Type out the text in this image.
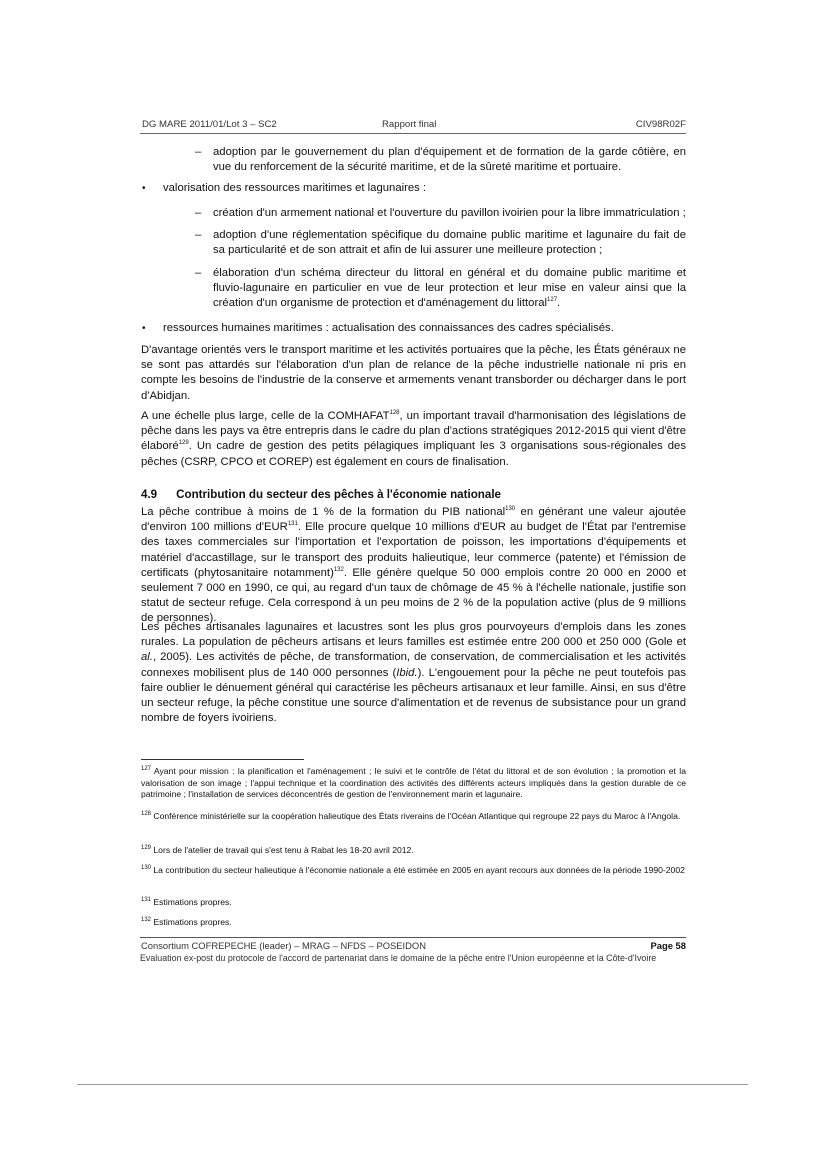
DG MARE 2011/01/Lot 3 – SC2	Rapport final	CIV98R02F
– adoption par le gouvernement du plan d'équipement et de formation de la garde côtière, en vue du renforcement de la sécurité maritime, et de la sûreté maritime et portuaire.
• valorisation des ressources maritimes et lagunaires :
– création d'un armement national et l'ouverture du pavillon ivoirien pour la libre immatriculation ;
– adoption d'une réglementation spécifique du domaine public maritime et lagunaire du fait de sa particularité et de son attrait et afin de lui assurer une meilleure protection ;
– élaboration d'un schéma directeur du littoral en général et du domaine public maritime et fluvio-lagunaire en particulier en vue de leur protection et leur mise en valeur ainsi que la création d'un organisme de protection et d'aménagement du littoral$^{127}$.
• ressources humaines maritimes : actualisation des connaissances des cadres spécialisés.
D'avantage orientés vers le transport maritime et les activités portuaires que la pêche, les États généraux ne se sont pas attardés sur l'élaboration d'un plan de relance de la pêche industrielle nationale ni pris en compte les besoins de l'industrie de la conserve et armements venant transborder ou décharger dans le port d'Abidjan.
A une échelle plus large, celle de la COMHAFAT$^{128}$, un important travail d'harmonisation des législations de pêche dans les pays va être entrepris dans le cadre du plan d'actions stratégiques 2012-2015 qui vient d'être élaboré$^{129}$. Un cadre de gestion des petits pélagiques impliquant les 3 organisations sous-régionales des pêches (CSRP, CPCO et COREP) est également en cours de finalisation.
4.9 Contribution du secteur des pêches à l'économie nationale
La pêche contribue à moins de 1 % de la formation du PIB national$^{130}$ en générant une valeur ajoutée d'environ 100 millions d'EUR$^{131}$. Elle procure quelque 10 millions d'EUR au budget de l'État par l'entremise des taxes commerciales sur l'importation et l'exportation de poisson, les importations d'équipements et matériel d'accastillage, sur le transport des produits halieutique, leur commerce (patente) et l'émission de certificats (phytosanitaire notamment)$^{132}$. Elle génère quelque 50 000 emplois contre 20 000 en 2000 et seulement 7 000 en 1990, ce qui, au regard d'un taux de chômage de 45 % à l'échelle nationale, justifie son statut de secteur refuge. Cela correspond à un peu moins de 2 % de la population active (plus de 9 millions de personnes).
Les pêches artisanales lagunaires et lacustres sont les plus gros pourvoyeurs d'emplois dans les zones rurales. La population de pêcheurs artisans et leurs familles est estimée entre 200 000 et 250 000 (Gole et al., 2005). Les activités de pêche, de transformation, de conservation, de commercialisation et les activités connexes mobilisent plus de 140 000 personnes (Ibid.). L'engouement pour la pêche ne peut toutefois pas faire oublier le dénuement général qui caractérise les pêcheurs artisanaux et leur famille. Ainsi, en sus d'être un secteur refuge, la pêche constitue une source d'alimentation et de revenus de subsistance pour un grand nombre de foyers ivoiriens.
$^{127}$ Ayant pour mission : la planification et l'aménagement ; le suivi et le contrôle de l'état du littoral et de son évolution ; la promotion et la valorisation de son image ; l'appui technique et la coordination des activités des différents acteurs impliqués dans la gestion durable de ce patrimoine ; l'installation de services déconcentrés de gestion de l'environnement marin et lagunaire.
$^{128}$ Conférence ministérielle sur la coopération halieutique des États riverains de l'Océan Atlantique qui regroupe 22 pays du Maroc à l'Angola.
$^{129}$ Lors de l'atelier de travail qui s'est tenu à Rabat les 18-20 avril 2012.
$^{130}$ La contribution du secteur halieutique à l'économie nationale a été estimée en 2005 en ayant recours aux données de la période 1990-2002
$^{131}$ Estimations propres.
$^{132}$ Estimations propres.
Consortium COFREPECHE (leader) – MRAG – NFDS – POSEIDON	Page 58
Evaluation ex-post du protocole de l'accord de partenariat dans le domaine de la pêche entre l'Union européenne et la Côte-d'Ivoire
